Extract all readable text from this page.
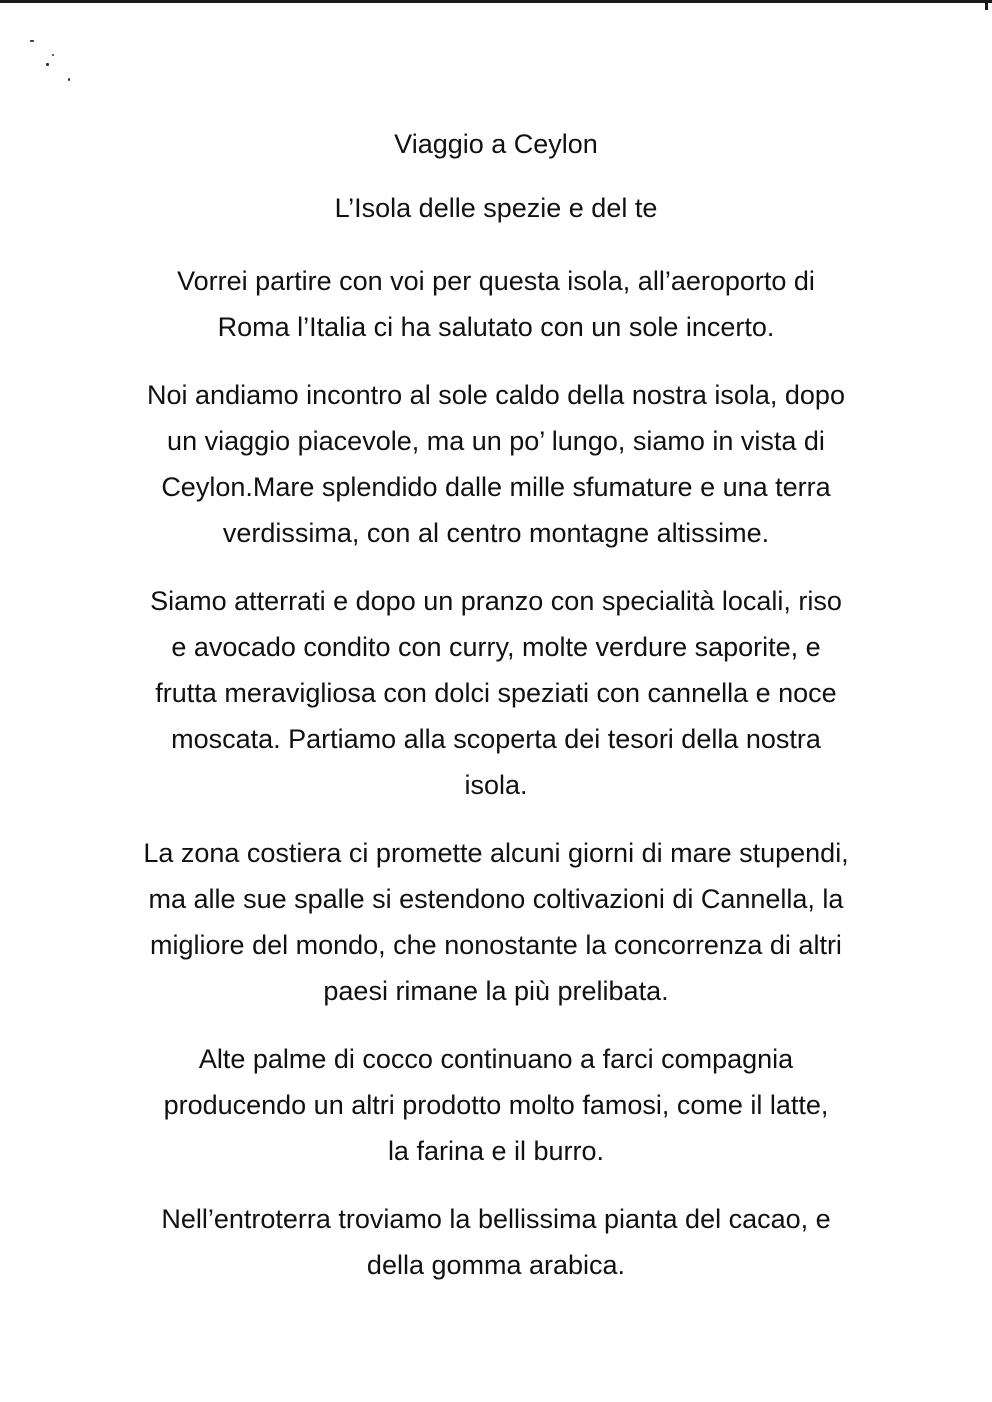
Viaggio a Ceylon
L’Isola delle spezie e del te

Vorrei partire con voi per questa isola, all’aeroporto di
Roma l’Italia ci ha salutato con un sole incerto.

Noi andiamo incontro al sole caldo della nostra isola, dopo
un viaggio piacevole, ma un po’ lungo, siamo in vista di
Ceylon.Mare splendido dalle mille sfumature e una terra
verdissima, con al centro montagne altissime.

Siamo atterrati e dopo un pranzo con specialità locali, riso
e avocado condito con curry, molte verdure saporite, e
frutta meravigliosa con dolci speziati con cannella e noce
moscata. Partiamo alla scoperta dei tesori della nostra
isola.

La zona costiera ci promette alcuni giorni di mare stupendi,
ma alle sue spalle si estendono coltivazioni di Cannella, la
migliore del mondo, che nonostante la concorrenza di altri
paesi rimane la più prelibata.

Alte palme di cocco continuano a farci compagnia
producendo un altri prodotto molto famosi, come il latte,
la farina e il burro.

Nell’entroterra troviamo la bellissima pianta del cacao, e
della gomma arabica.
